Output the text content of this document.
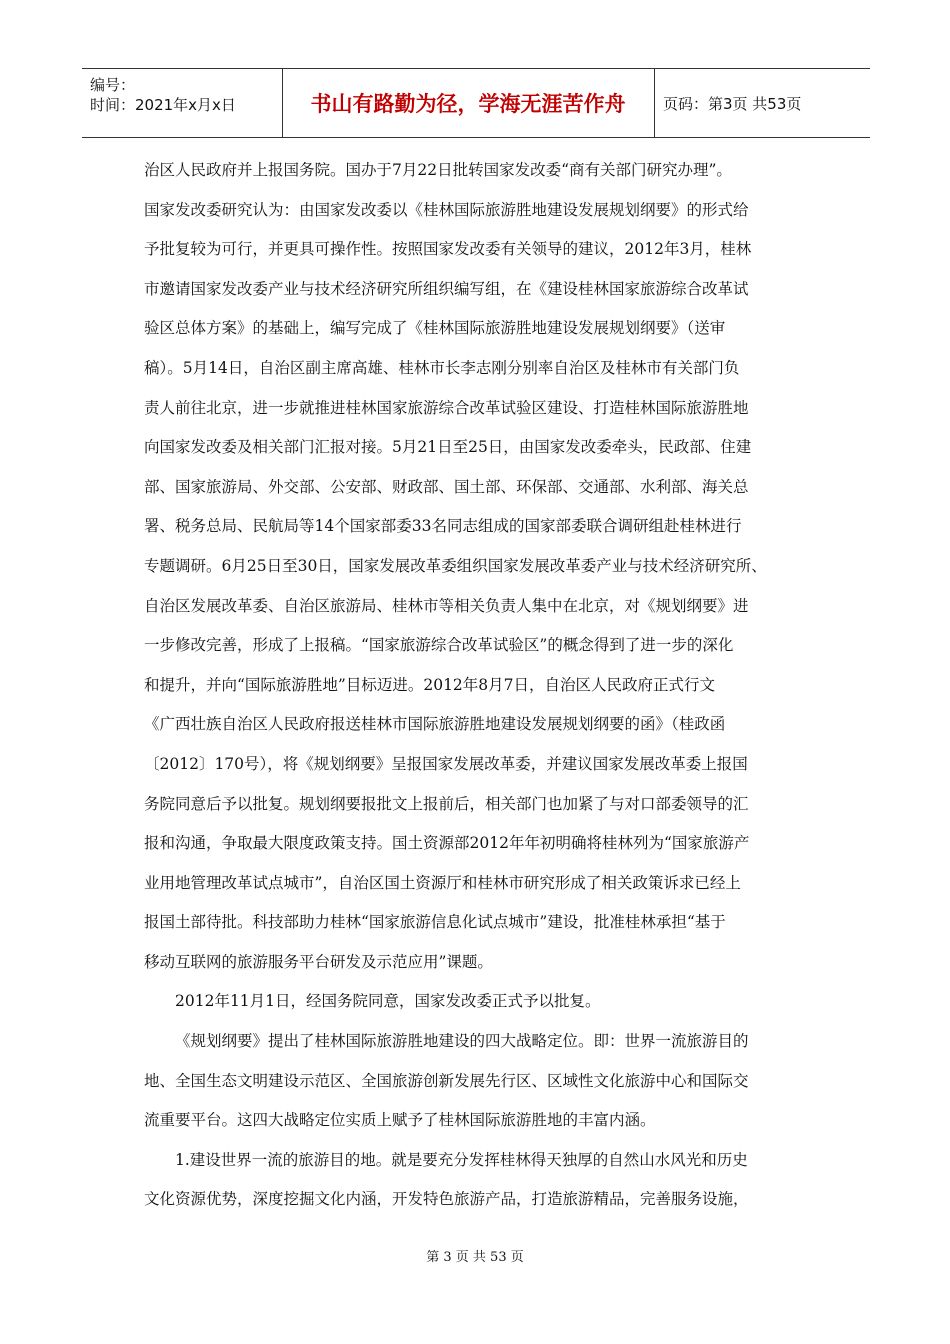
编号：
时间：2021年x月x日	书山有路勤为径，学海无涯苦作舟	页码：第3页 共53页
治区人民政府并上报国务院。国办于7月22日批转国家发改委“商有关部门研究办理”。
国家发改委研究认为：由国家发改委以《桂林国际旅游胜地建设发展规划纲要》的形式给
予批复较为可行，并更具可操作性。按照国家发改委有关领导的建议，2012年3月，桂林
市邀请国家发改委产业与技术经济研究所组织编写组，在《建设桂林国家旅游综合改革试
验区总体方案》的基础上，编写完成了《桂林国际旅游胜地建设发展规划纲要》（送审
稿）。5月14日，自治区副主席高雄、桂林市长李志刚分别率自治区及桂林市有关部门负
责人前往北京，进一步就推进桂林国家旅游综合改革试验区建设、打造桂林国际旅游胜地
向国家发改委及相关部门汇报对接。5月21日至25日，由国家发改委牵头，民政部、住建
部、国家旅游局、外交部、公安部、财政部、国土部、环保部、交通部、水利部、海关总
署、税务总局、民航局等14个国家部委33名同志组成的国家部委联合调研组赴桂林进行
专题调研。6月25日至30日，国家发展改革委组织国家发展改革委产业与技术经济研究所、
自治区发展改革委、自治区旅游局、桂林市等相关负责人集中在北京，对《规划纲要》进
一步修改完善，形成了上报稿。“国家旅游综合改革试验区”的概念得到了进一步的深化
和提升，并向“国际旅游胜地”目标迈进。2012年8月7日，自治区人民政府正式行文
《广西壮族自治区人民政府报送桂林市国际旅游胜地建设发展规划纲要的函》（桂政函
〔2012〕170号），将《规划纲要》呈报国家发展改革委，并建议国家发展改革委上报国
务院同意后予以批复。规划纲要报批文上报前后，相关部门也加紧了与对口部委领导的汇
报和沟通，争取最大限度政策支持。国土资源部2012年年初明确将桂林列为“国家旅游产
业用地管理改革试点城市”，自治区国土资源厅和桂林市研究形成了相关政策诉求已经上
报国土部待批。科技部助力桂林“国家旅游信息化试点城市”建设，批准桂林承担“基于
移动互联网的旅游服务平台研发及示范应用”课题。
2012年11月1日，经国务院同意，国家发改委正式予以批复。
《规划纲要》提出了桂林国际旅游胜地建设的四大战略定位。即：世界一流旅游目的
地、全国生态文明建设示范区、全国旅游创新发展先行区、区域性文化旅游中心和国际交
流重要平台。这四大战略定位实质上赋予了桂林国际旅游胜地的丰富内涵。
1.建设世界一流的旅游目的地。就是要充分发挥桂林得天独厚的自然山水风光和历史
文化资源优势，深度挖掘文化内涵，开发特色旅游产品，打造旅游精品，完善服务设施，
第 3 页 共 53 页
